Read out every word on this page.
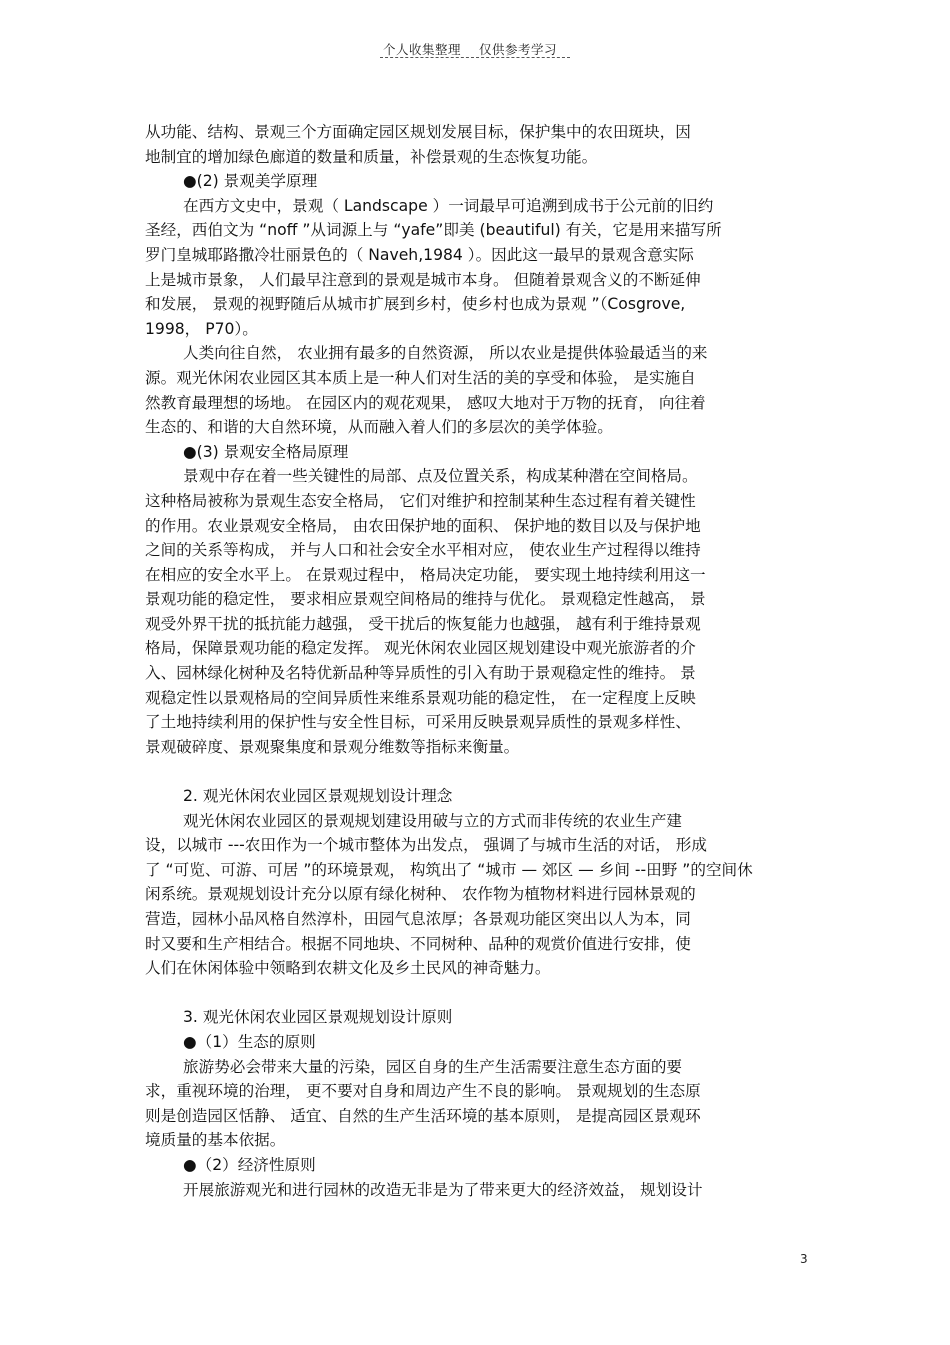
个人收集整理 仅供参考学习
从功能、结构、景观三个方面确定园区规划发展目标，保护集中的农田斑块，因
地制宜的增加绿色廊道的数量和质量，补偿景观的生态恢复功能。
●(2) 景观美学原理
在西方文史中，景观（ Landscape ）一词最早可追溯到成书于公元前的旧约
圣经，西伯文为 “noff ”从词源上与 “yafe”即美 (beautiful) 有关，它是用来描写所
罗门皇城耶路撒冷壮丽景色的（ Naveh,1984 ）。因此这一最早的景观含意实际
上是城市景象， 人们最早注意到的景观是城市本身。 但随着景观含义的不断延伸
和发展， 景观的视野随后从城市扩展到乡村，使乡村也成为景观 ”（Cosgrove,
1998， P70）。
人类向往自然， 农业拥有最多的自然资源， 所以农业是提供体验最适当的来
源。观光休闲农业园区其本质上是一种人们对生活的美的享受和体验， 是实施自
然教育最理想的场地。 在园区内的观花观果， 感叹大地对于万物的抚育， 向往着
生态的、和谐的大自然环境，从而融入着人们的多层次的美学体验。
●(3) 景观安全格局原理
景观中存在着一些关键性的局部、点及位置关系，构成某种潜在空间格局。
这种格局被称为景观生态安全格局， 它们对维护和控制某种生态过程有着关键性
的作用。农业景观安全格局， 由农田保护地的面积、 保护地的数目以及与保护地
之间的关系等构成， 并与人口和社会安全水平相对应， 使农业生产过程得以维持
在相应的安全水平上。 在景观过程中， 格局决定功能， 要实现土地持续利用这一
景观功能的稳定性， 要求相应景观空间格局的维持与优化。 景观稳定性越高， 景
观受外界干扰的抵抗能力越强， 受干扰后的恢复能力也越强， 越有利于维持景观
格局，保障景观功能的稳定发挥。 观光休闲农业园区规划建设中观光旅游者的介
入、园林绿化树种及名特优新品种等异质性的引入有助于景观稳定性的维持。 景
观稳定性以景观格局的空间异质性来维系景观功能的稳定性， 在一定程度上反映
了土地持续利用的保护性与安全性目标，可采用反映景观异质性的景观多样性、
景观破碎度、景观聚集度和景观分维数等指标来衡量。
2. 观光休闲农业园区景观规划设计理念
观光休闲农业园区的景观规划建设用破与立的方式而非传统的农业生产建
设，以城市 ---农田作为一个城市整体为出发点， 强调了与城市生活的对话， 形成
了 “可览、可游、可居 ”的环境景观， 构筑出了 “城市 — 郊区 — 乡间 --田野 ”的空间休
闲系统。景观规划设计充分以原有绿化树种、 农作物为植物材料进行园林景观的
营造，园林小品风格自然淳朴，田园气息浓厚；各景观功能区突出以人为本，同
时又要和生产相结合。根据不同地块、不同树种、品种的观赏价值进行安排，使
人们在休闲体验中领略到农耕文化及乡土民风的神奇魅力。
3. 观光休闲农业园区景观规划设计原则
●（1）生态的原则
旅游势必会带来大量的污染，园区自身的生产生活需要注意生态方面的要
求，重视环境的治理， 更不要对自身和周边产生不良的影响。 景观规划的生态原
则是创造园区恬静、 适宜、自然的生产生活环境的基本原则， 是提高园区景观环
境质量的基本依据。
●（2）经济性原则
开展旅游观光和进行园林的改造无非是为了带来更大的经济效益， 规划设计
3
